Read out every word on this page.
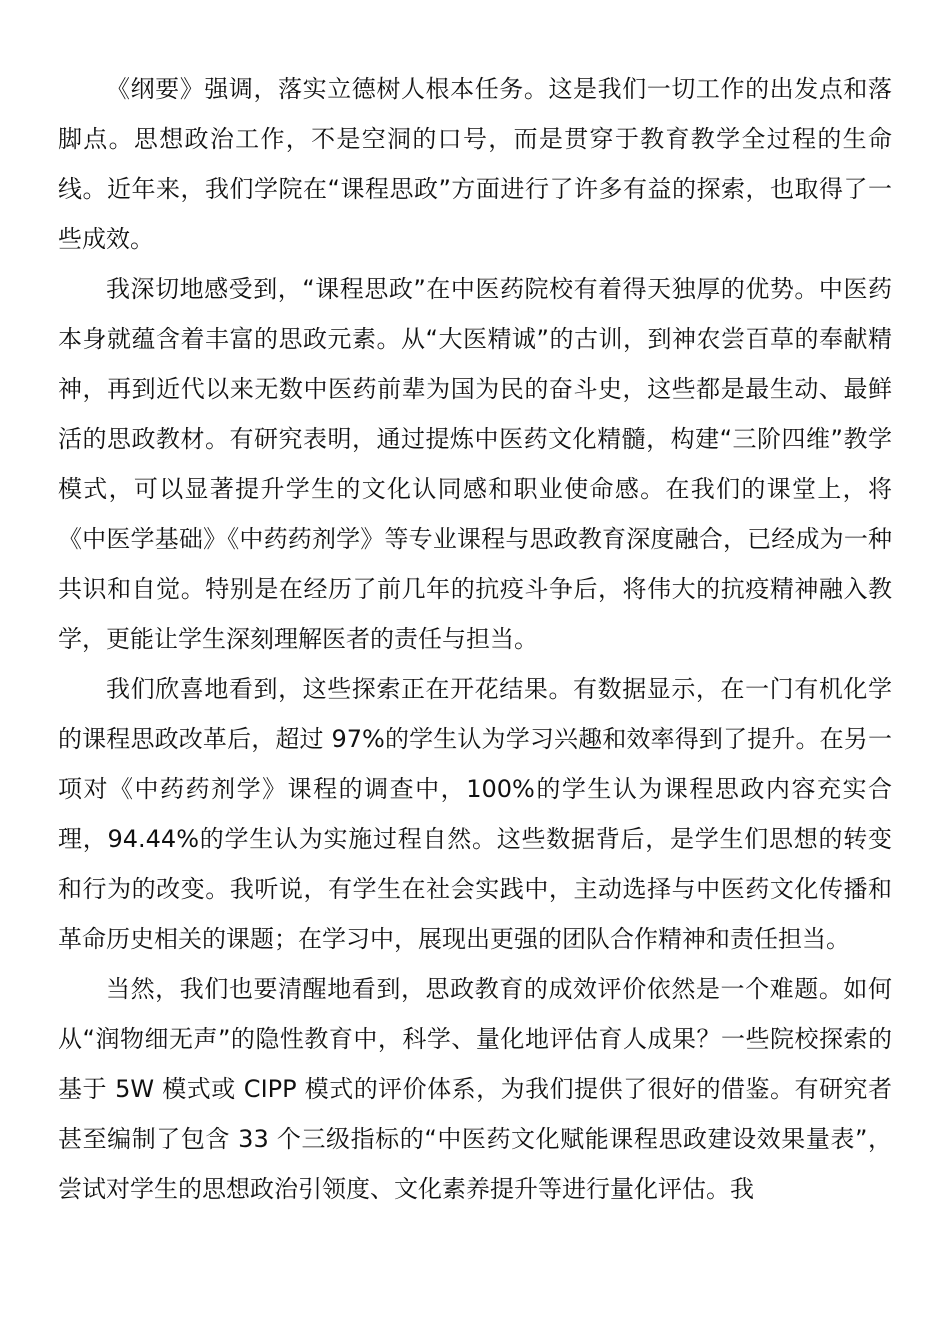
《纲要》强调，落实立德树人根本任务。这是我们一切工作的出发点和落脚点。思想政治工作，不是空洞的口号，而是贯穿于教育教学全过程的生命线。近年来，我们学院在“课程思政”方面进行了许多有益的探索，也取得了一些成效。

我深切地感受到，“课程思政”在中医药院校有着得天独厚的优势。中医药本身就蕴含着丰富的思政元素。从“大医精诚”的古训，到神农尝百草的奉献精神，再到近代以来无数中医药前辈为国为民的奋斗史，这些都是最生动、最鲜活的思政教材。有研究表明，通过提炼中医药文化精髓，构建“三阶四维”教学模式，可以显著提升学生的文化认同感和职业使命感。在我们的课堂上，将《中医学基础》《中药药剂学》等专业课程与思政教育深度融合，已经成为一种共识和自觉。特别是在经历了前几年的抗疫斗争后，将伟大的抗疫精神融入教学，更能让学生深刻理解医者的责任与担当。

我们欣喜地看到，这些探索正在开花结果。有数据显示，在一门有机化学的课程思政改革后，超过 97%的学生认为学习兴趣和效率得到了提升。在另一项对《中药药剂学》课程的调查中，100%的学生认为课程思政内容充实合理，94.44%的学生认为实施过程自然。这些数据背后，是学生们思想的转变和行为的改变。我听说，有学生在社会实践中，主动选择与中医药文化传播和革命历史相关的课题；在学习中，展现出更强的团队合作精神和责任担当。

当然，我们也要清醒地看到，思政教育的成效评价依然是一个难题。如何从“润物细无声”的隐性教育中，科学、量化地评估育人成果？一些院校探索的基于 5W 模式或 CIPP 模式的评价体系，为我们提供了很好的借鉴。有研究者甚至编制了包含 33 个三级指标的“中医药文化赋能课程思政建设效果量表”，尝试对学生的思想政治引领度、文化素养提升等进行量化评估。我
